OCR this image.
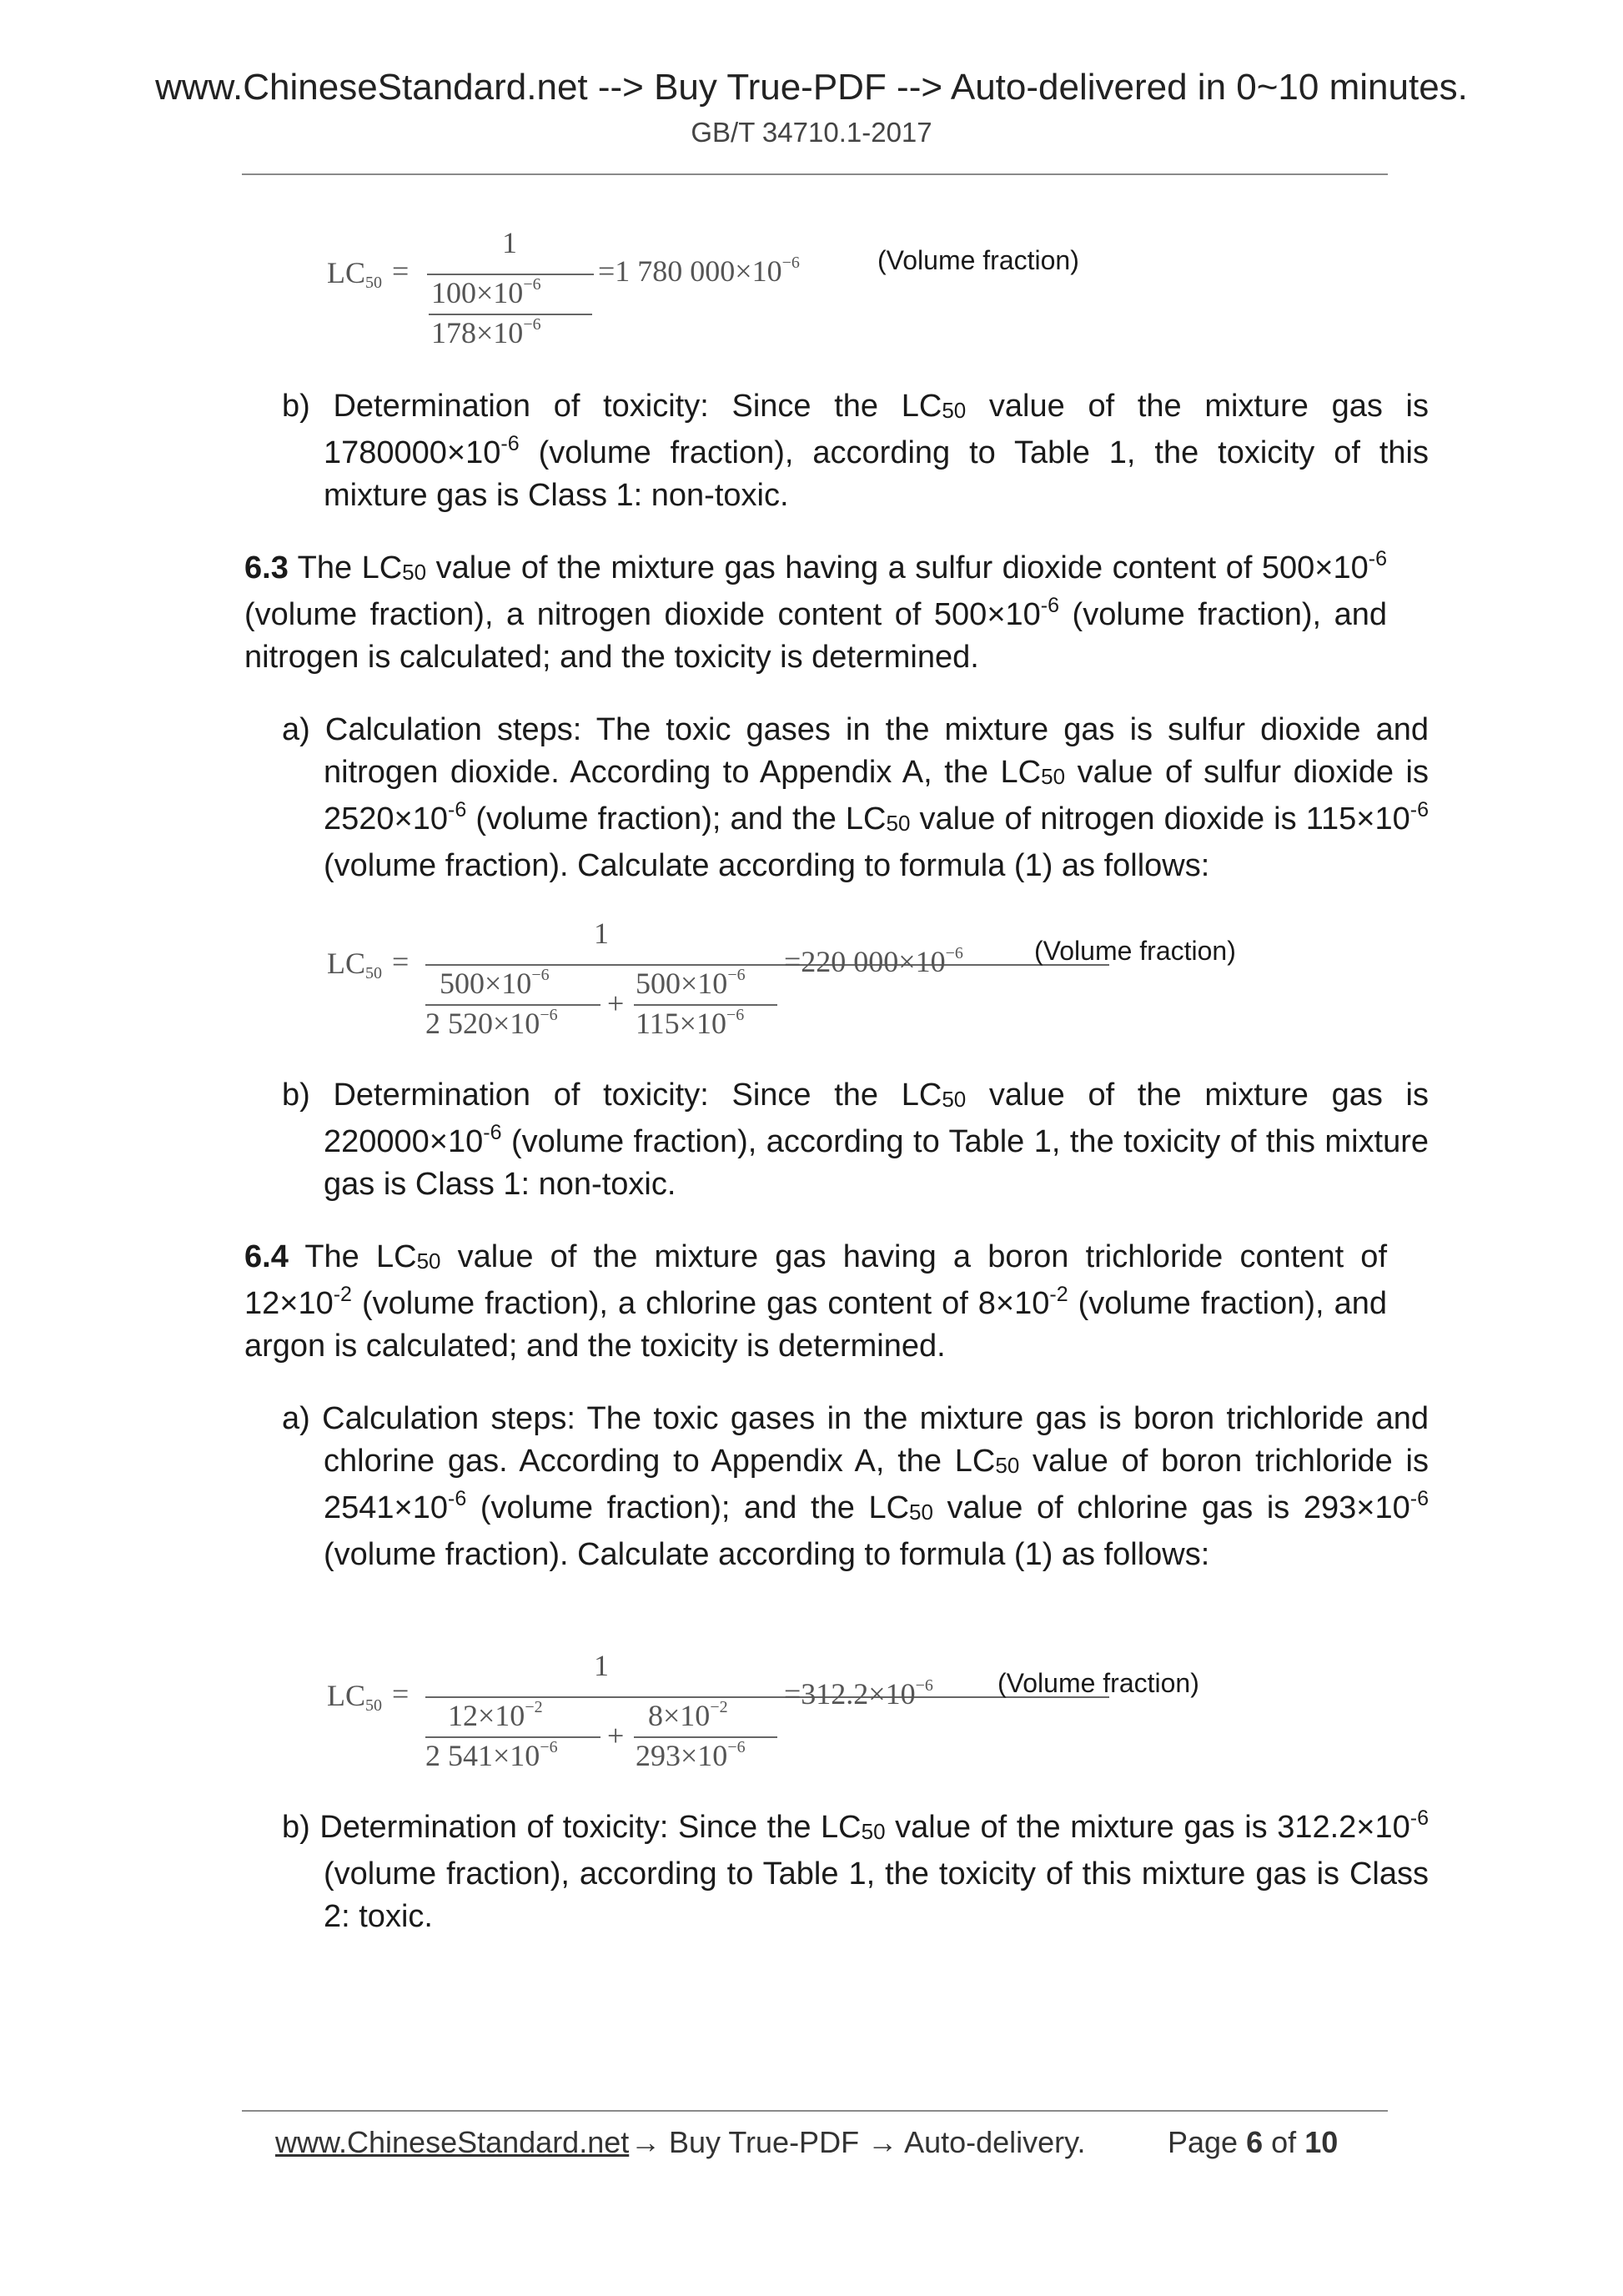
www.ChineseStandard.net --> Buy True-PDF --> Auto-delivered in 0~10 minutes.
GB/T 34710.1-2017
LC50 =
1
$100\times 10^{-6}$
$178\times 10^{-6}$
=1 780 $000\times 10^{-6}$	(Volume fraction)
b) Determination of toxicity: Since the $LC_{50}$ value of the mixture gas is $1780000\times 10^{-6}$ (volume fraction), according to Table 1, the toxicity of this mixture gas is Class 1: non-toxic.
6.3 The $LC_{50}$ value of the mixture gas having a sulfur dioxide content of $500\times 10^{-6}$ (volume fraction), a nitrogen dioxide content of $500\times 10^{-6}$ (volume fraction), and nitrogen is calculated; and the toxicity is determined.
a) Calculation steps: The toxic gases in the mixture gas is sulfur dioxide and nitrogen dioxide. According to Appendix A, the $LC_{50}$ value of sulfur dioxide is $2520\times 10^{-6}$ (volume fraction); and the $LC_{50}$ value of nitrogen dioxide is $115\times 10^{-6}$ (volume fraction). Calculate according to formula (1) as follows:
LC50 =
1
$500\times 10^{-6}$
2 $520\times 10^{-6}$ +
$500\times 10^{-6}$
$115\times 10^{-6}$
=220 $000\times 10^{-6}$	(Volume fraction)
b) Determination of toxicity: Since the $LC_{50}$ value of the mixture gas is $220000\times 10^{-6}$ (volume fraction), according to Table 1, the toxicity of this mixture gas is Class 1: non-toxic.
6.4 The $LC_{50}$ value of the mixture gas having a boron trichloride content of $12\times 10^{-2}$ (volume fraction), a chlorine gas content of $8\times 10^{-2}$ (volume fraction), and argon is calculated; and the toxicity is determined.
a) Calculation steps: The toxic gases in the mixture gas is boron trichloride and chlorine gas. According to Appendix A, the $LC_{50}$ value of boron trichloride is $2541\times 10^{-6}$ (volume fraction); and the $LC_{50}$ value of chlorine gas is $293\times 10^{-6}$ (volume fraction). Calculate according to formula (1) as follows:
LC50 =
1
$12\times 10^{-2}$
2 $541\times 10^{-6}$ +
$8\times 10^{-2}$
$293\times 10^{-6}$
$=312.2\times 10^{-6}$ (Volume fraction)
b) Determination of toxicity: Since the $LC_{50}$ value of the mixture gas is $312.2\times 10^{-6}$ (volume fraction), according to Table 1, the toxicity of this mixture gas is Class 2: toxic.
www.ChineseStandard.net → Buy True-PDF → Auto-delivery.	Page 6 of 10
